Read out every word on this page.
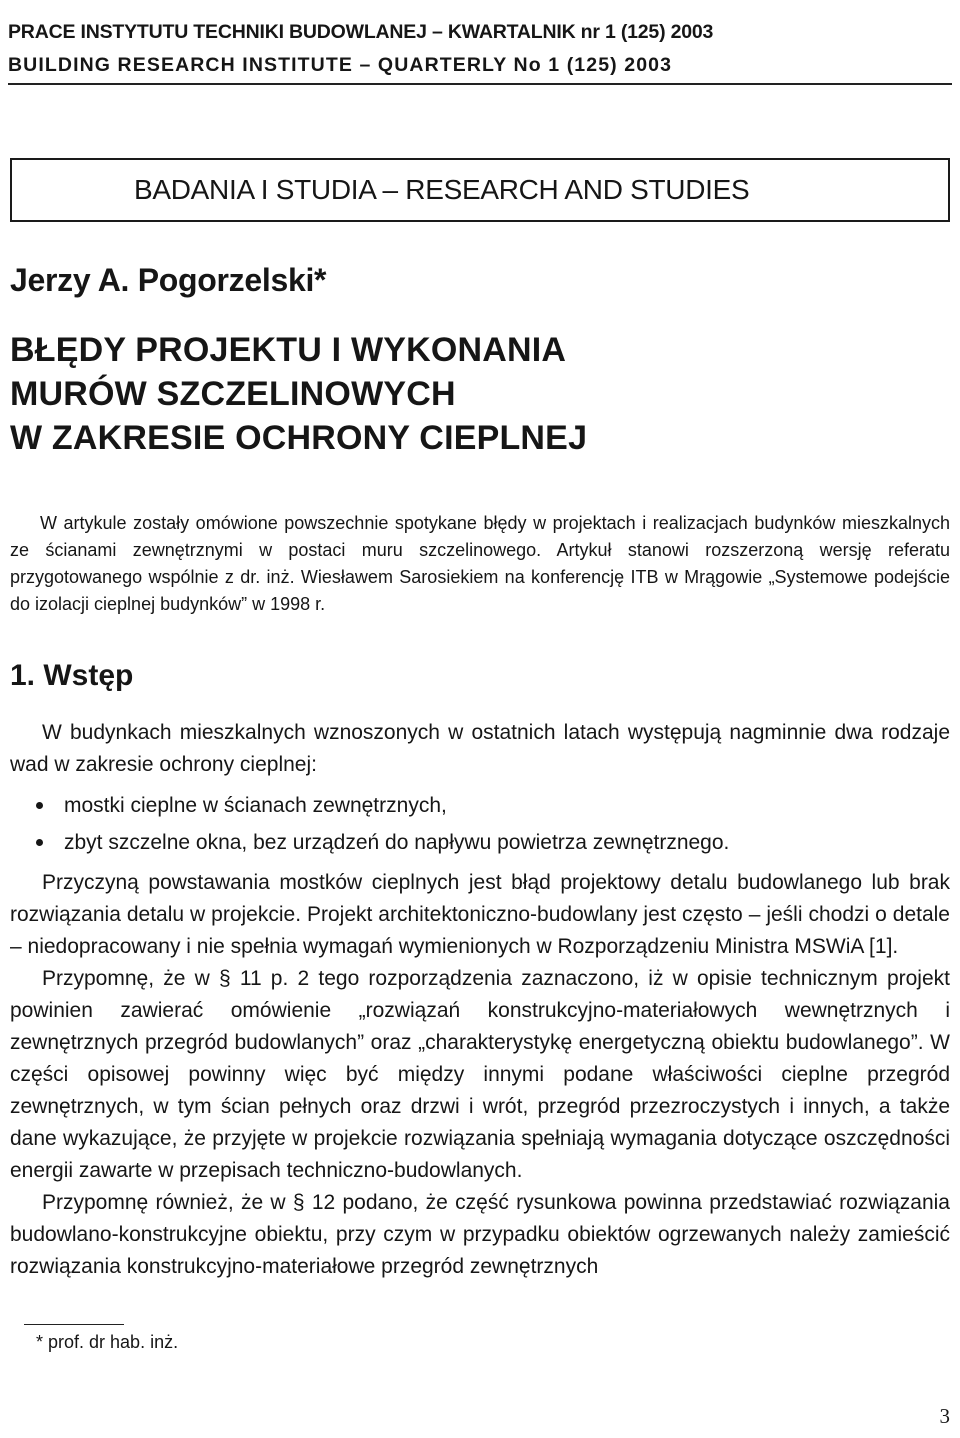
PRACE INSTYTUTU TECHNIKI BUDOWLANEJ – KWARTALNIK nr 1 (125) 2003
BUILDING RESEARCH INSTITUTE – QUARTERLY No 1 (125) 2003
BADANIA I STUDIA – RESEARCH AND STUDIES
Jerzy A. Pogorzelski*
BŁĘDY PROJEKTU I WYKONANIA
MURÓW SZCZELINOWYCH
W ZAKRESIE OCHRONY CIEPLNEJ

W artykule zostały omówione powszechnie spotykane błędy w projektach i realizacjach budynków mieszkalnych ze ścianami zewnętrznymi w postaci muru szczelinowego. Artykuł stanowi rozszerzoną wersję referatu przygotowanego wspólnie z dr. inż. Wiesławem Sarosiekiem na konferencję ITB w Mrągowie „Systemowe podejście do izolacji cieplnej budynków” w 1998 r.

1. Wstęp

W budynkach mieszkalnych wznoszonych w ostatnich latach występują nagminnie dwa rodzaje wad w zakresie ochrony cieplnej:

mostki cieplne w ścianach zewnętrznych,
zbyt szczelne okna, bez urządzeń do napływu powietrza zewnętrznego.

Przyczyną powstawania mostków cieplnych jest błąd projektowy detalu budowlanego lub brak rozwiązania detalu w projekcie. Projekt architektoniczno-budowlany jest często – jeśli chodzi o detale – niedopracowany i nie spełnia wymagań wymienionych w Rozporządzeniu Ministra MSWiA [1].

Przypomnę, że w § 11 p. 2 tego rozporządzenia zaznaczono, iż w opisie technicznym projekt powinien zawierać omówienie „rozwiązań konstrukcyjno-materiałowych wewnętrznych i zewnętrznych przegród budowlanych” oraz „charakterystykę energetyczną obiektu budowlanego”. W części opisowej powinny więc być między innymi podane właściwości cieplne przegród zewnętrznych, w tym ścian pełnych oraz drzwi i wrót, przegród przezroczystych i innych, a także dane wykazujące, że przyjęte w projekcie rozwiązania spełniają wymagania dotyczące oszczędności energii zawarte w przepisach techniczno-budowlanych.

Przypomnę również, że w § 12 podano, że część rysunkowa powinna przedstawiać rozwiązania budowlano-konstrukcyjne obiektu, przy czym w przypadku obiektów ogrzewanych należy zamieścić rozwiązania konstrukcyjno-materiałowe przegród zewnętrznych

* prof. dr hab. inż.
3
